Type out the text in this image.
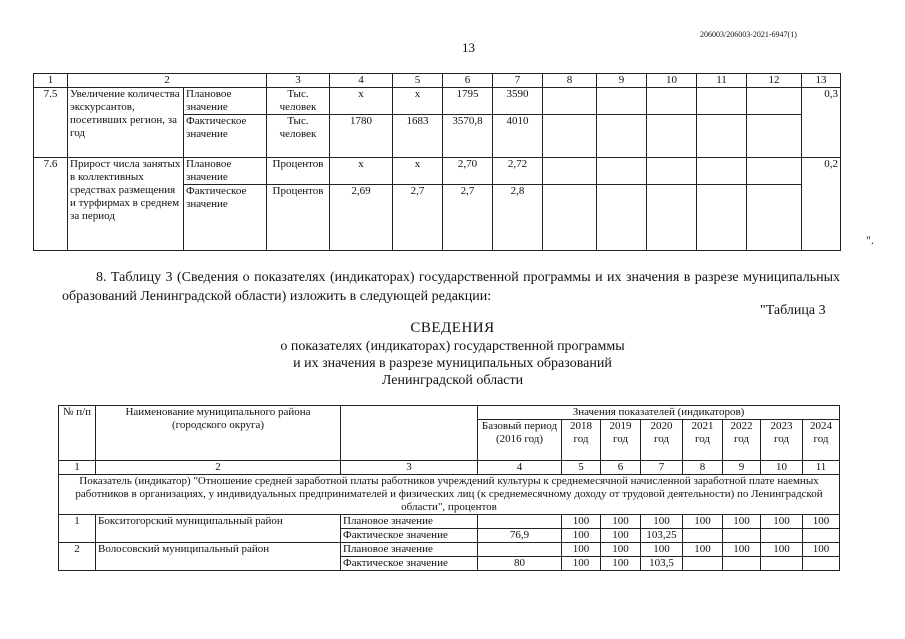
206003/206003-2021-6947(1)
13
1	2		3	4	5	6	7	8	9	10	11	12	13
7.5	Увеличение количества экскурсантов, посетивших регион, за год	Плановое значение	Тыс. человек	х	х	1795	3590						0,3
		Фактическое значение	Тыс. человек	1780	1683	3570,8	4010						
7.6	Прирост числа занятых в коллективных средствах размещения и турфирмах в среднем за период	Плановое значение	Процентов	х	х	2,70	2,72						0,2
		Фактическое значение	Процентов	2,69	2,7	2,7	2,8						
".
8. Таблицу 3 (Сведения о показателях (индикаторах) государственной программы и их значения в разрезе муниципальных образований Ленинградской области) изложить в следующей редакции:
"Таблица 3
СВЕДЕНИЯ
о показателях (индикаторах) государственной программы
и их значения в разрезе муниципальных образований
Ленинградской области
№ п/п	Наименование муниципального района (городского округа)		Значения показателей (индикаторов)							
			Базовый период (2016 год)	2018 год	2019 год	2020 год	2021 год	2022 год	2023 год	2024 год
1	2	3	4	5	6	7	8	9	10	11
Показатель (индикатор) "Отношение средней заработной платы работников учреждений культуры к среднемесячной начисленной заработной плате наемных работников в организациях, у индивидуальных предпринимателей и физических лиц (к среднемесячному доходу от трудовой деятельности) по Ленинградской области", процентов										
1	Бокситогорский муниципальный район	Плановое значение		100	100	100	100	100	100	100
		Фактическое значение	76,9	100	100	103,25				
2	Волосовский муниципальный район	Плановое значение		100	100	100	100	100	100	100
		Фактическое значение	80	100	100	103,5				
